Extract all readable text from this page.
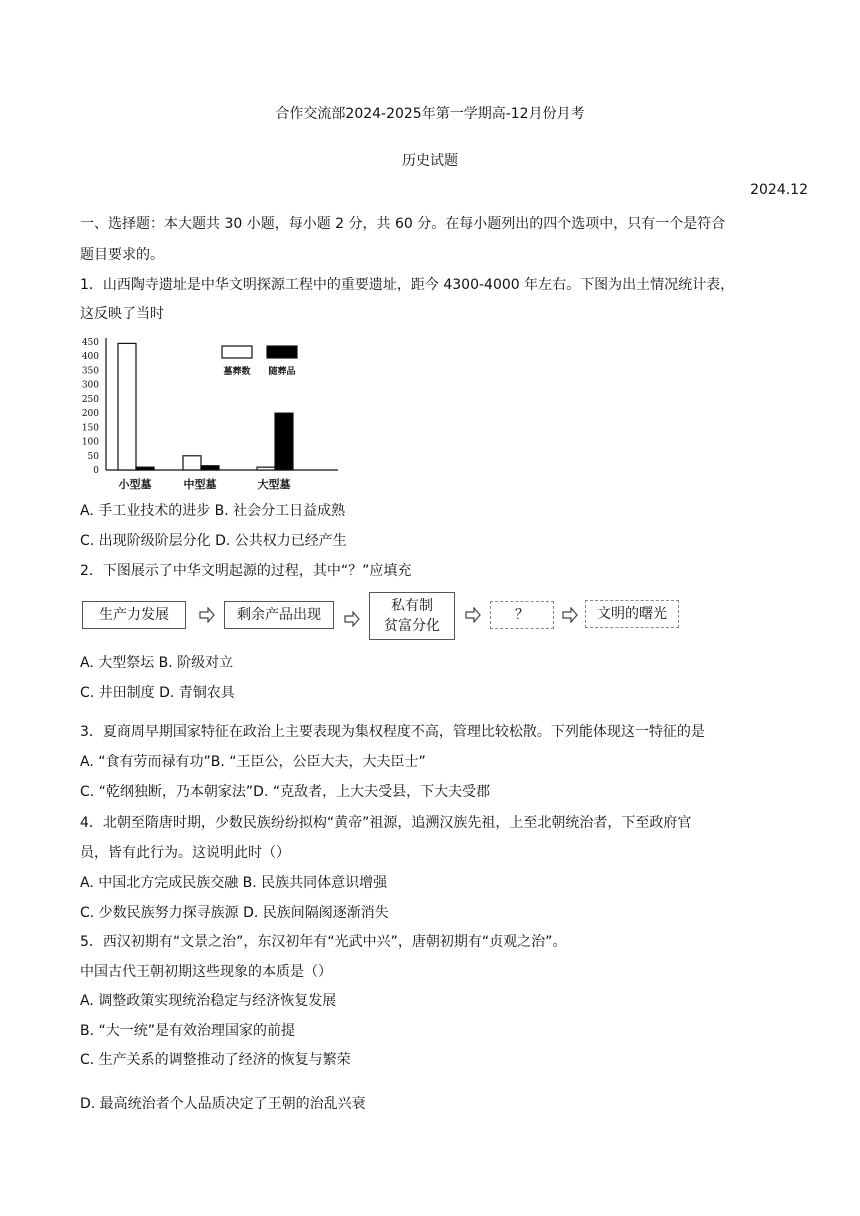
合作交流部2024-2025年第一学期高-12月份月考
历史试题
2024.12
一、选择题：本大题共 30 小题，每小题 2 分，共 60 分。在每小题列出的四个选项中，只有一个是符合
题目要求的。
1．山西陶寺遗址是中华文明探源工程中的重要遗址，距今 4300-4000 年左右。下图为出土情况统计表，
这反映了当时
450
400
350
300
250
200
150
100
50
0
小型墓	中型墓	大型墓
墓葬数 随葬品
A. 手工业技术的进步 B. 社会分工日益成熟
C. 出现阶级阶层分化 D. 公共权力已经产生
2．下图展示了中华文明起源的过程，其中“？”应填充
生产力发展	剩余产品出现
私有制
贫富分化
？	文明的曙光
A. 大型祭坛 B. 阶级对立
C. 井田制度 D. 青铜农具
3．夏商周早期国家特征在政治上主要表现为集权程度不高，管理比较松散。下列能体现这一特征的是
A. “食有劳而禄有功”B. “王臣公，公臣大夫，大夫臣士”
C. “乾纲独断，乃本朝家法”D. “克敌者，上大夫受县，下大夫受郡
4．北朝至隋唐时期，少数民族纷纷拟构“黄帝”祖源，追溯汉族先祖，上至北朝统治者，下至政府官
员，皆有此行为。这说明此时（）
A. 中国北方完成民族交融 B. 民族共同体意识增强
C. 少数民族努力探寻族源 D. 民族间隔阂逐渐消失
5．西汉初期有“文景之治”，东汉初年有“光武中兴”，唐朝初期有“贞观之治”。
中国古代王朝初期这些现象的本质是（）
A. 调整政策实现统治稳定与经济恢复发展
B. “大一统”是有效治理国家的前提
C. 生产关系的调整推动了经济的恢复与繁荣
D. 最高统治者个人品质决定了王朝的治乱兴衰
